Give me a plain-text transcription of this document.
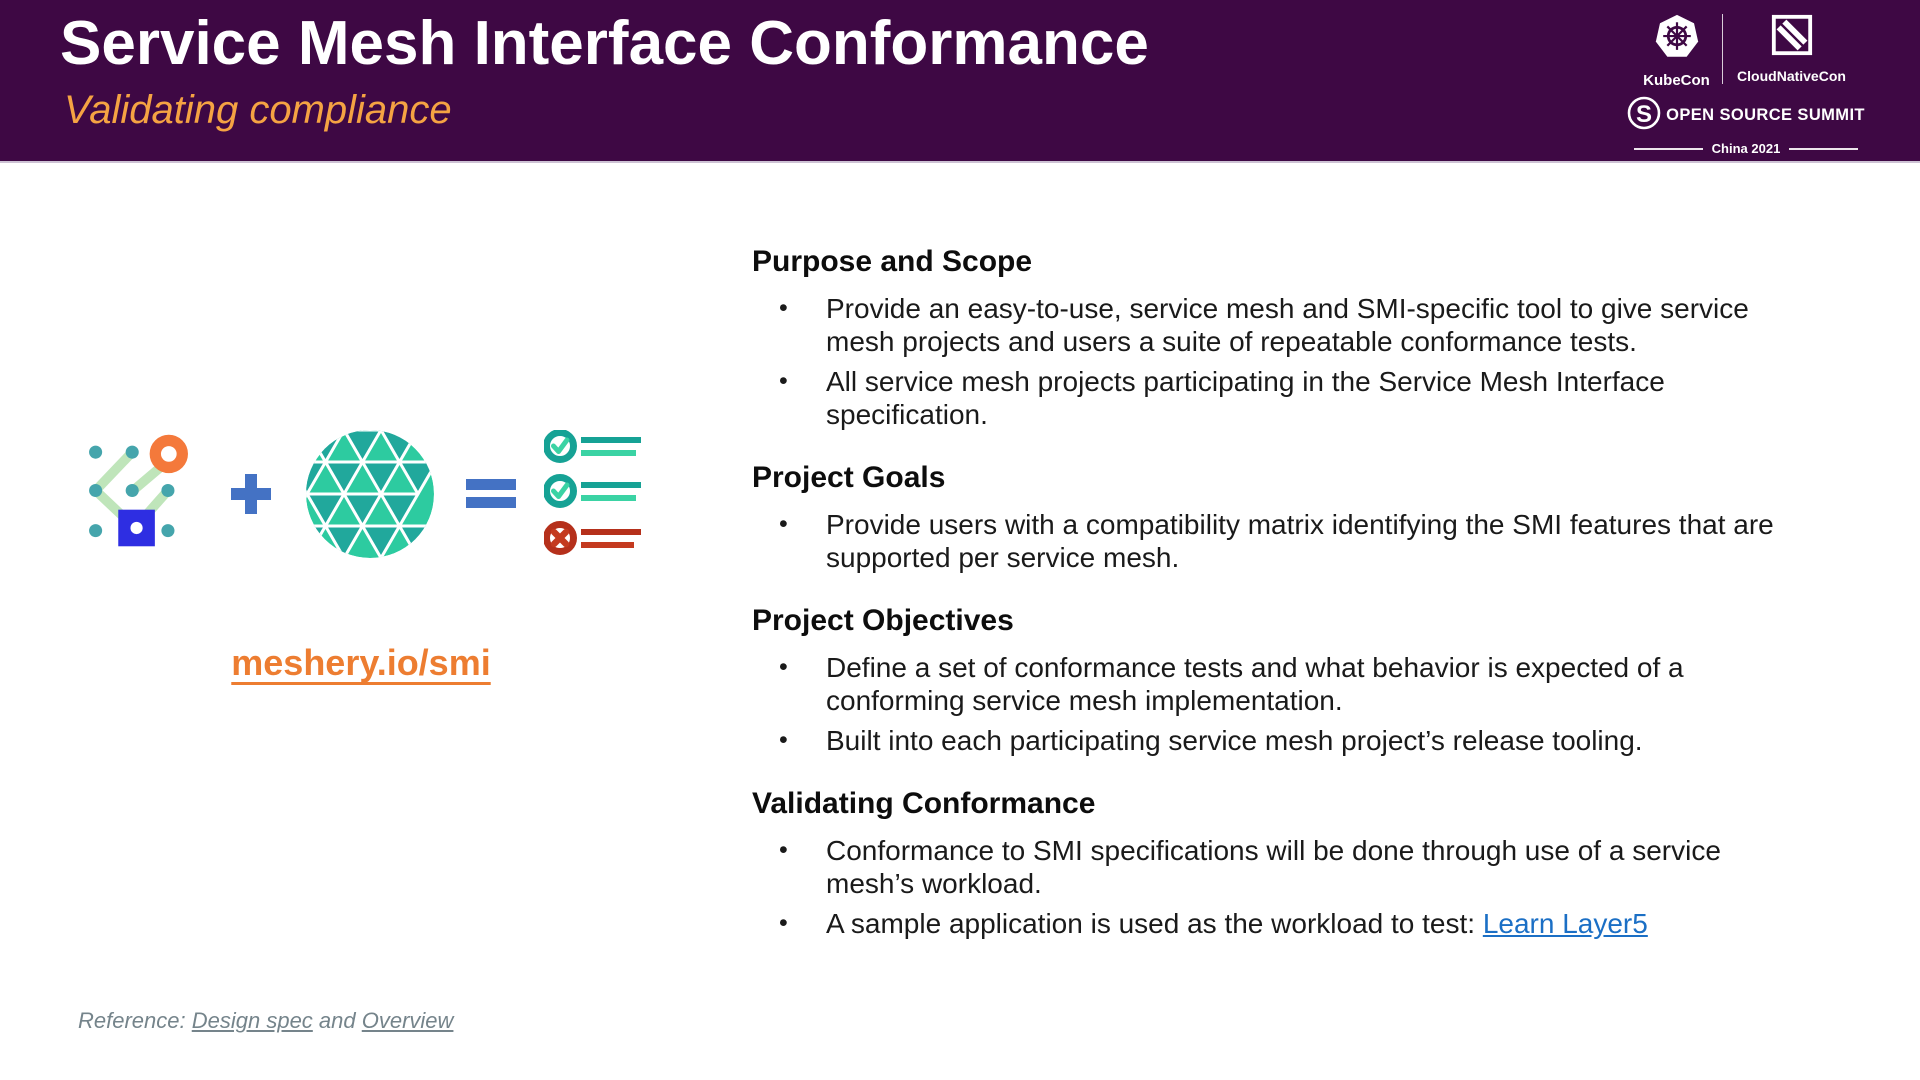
Service Mesh Interface Conformance
Validating compliance
KubeCon CloudNativeCon
S OPEN SOURCE SUMMIT
China 2021
meshery.io/smi
Purpose and Scope
•	Provide an easy-to-use, service mesh and SMI-specific tool to give service mesh projects and users a suite of repeatable conformance tests.
•	All service mesh projects participating in the Service Mesh Interface specification.
Project Goals
•	Provide users with a compatibility matrix identifying the SMI features that are supported per service mesh.
Project Objectives
•	Define a set of conformance tests and what behavior is expected of a conforming service mesh implementation.
•	Built into each participating service mesh project’s release tooling.
Validating Conformance
•	Conformance to SMI specifications will be done through use of a service mesh’s workload.
•	A sample application is used as the workload to test: Learn Layer5
Reference: Design spec and Overview
